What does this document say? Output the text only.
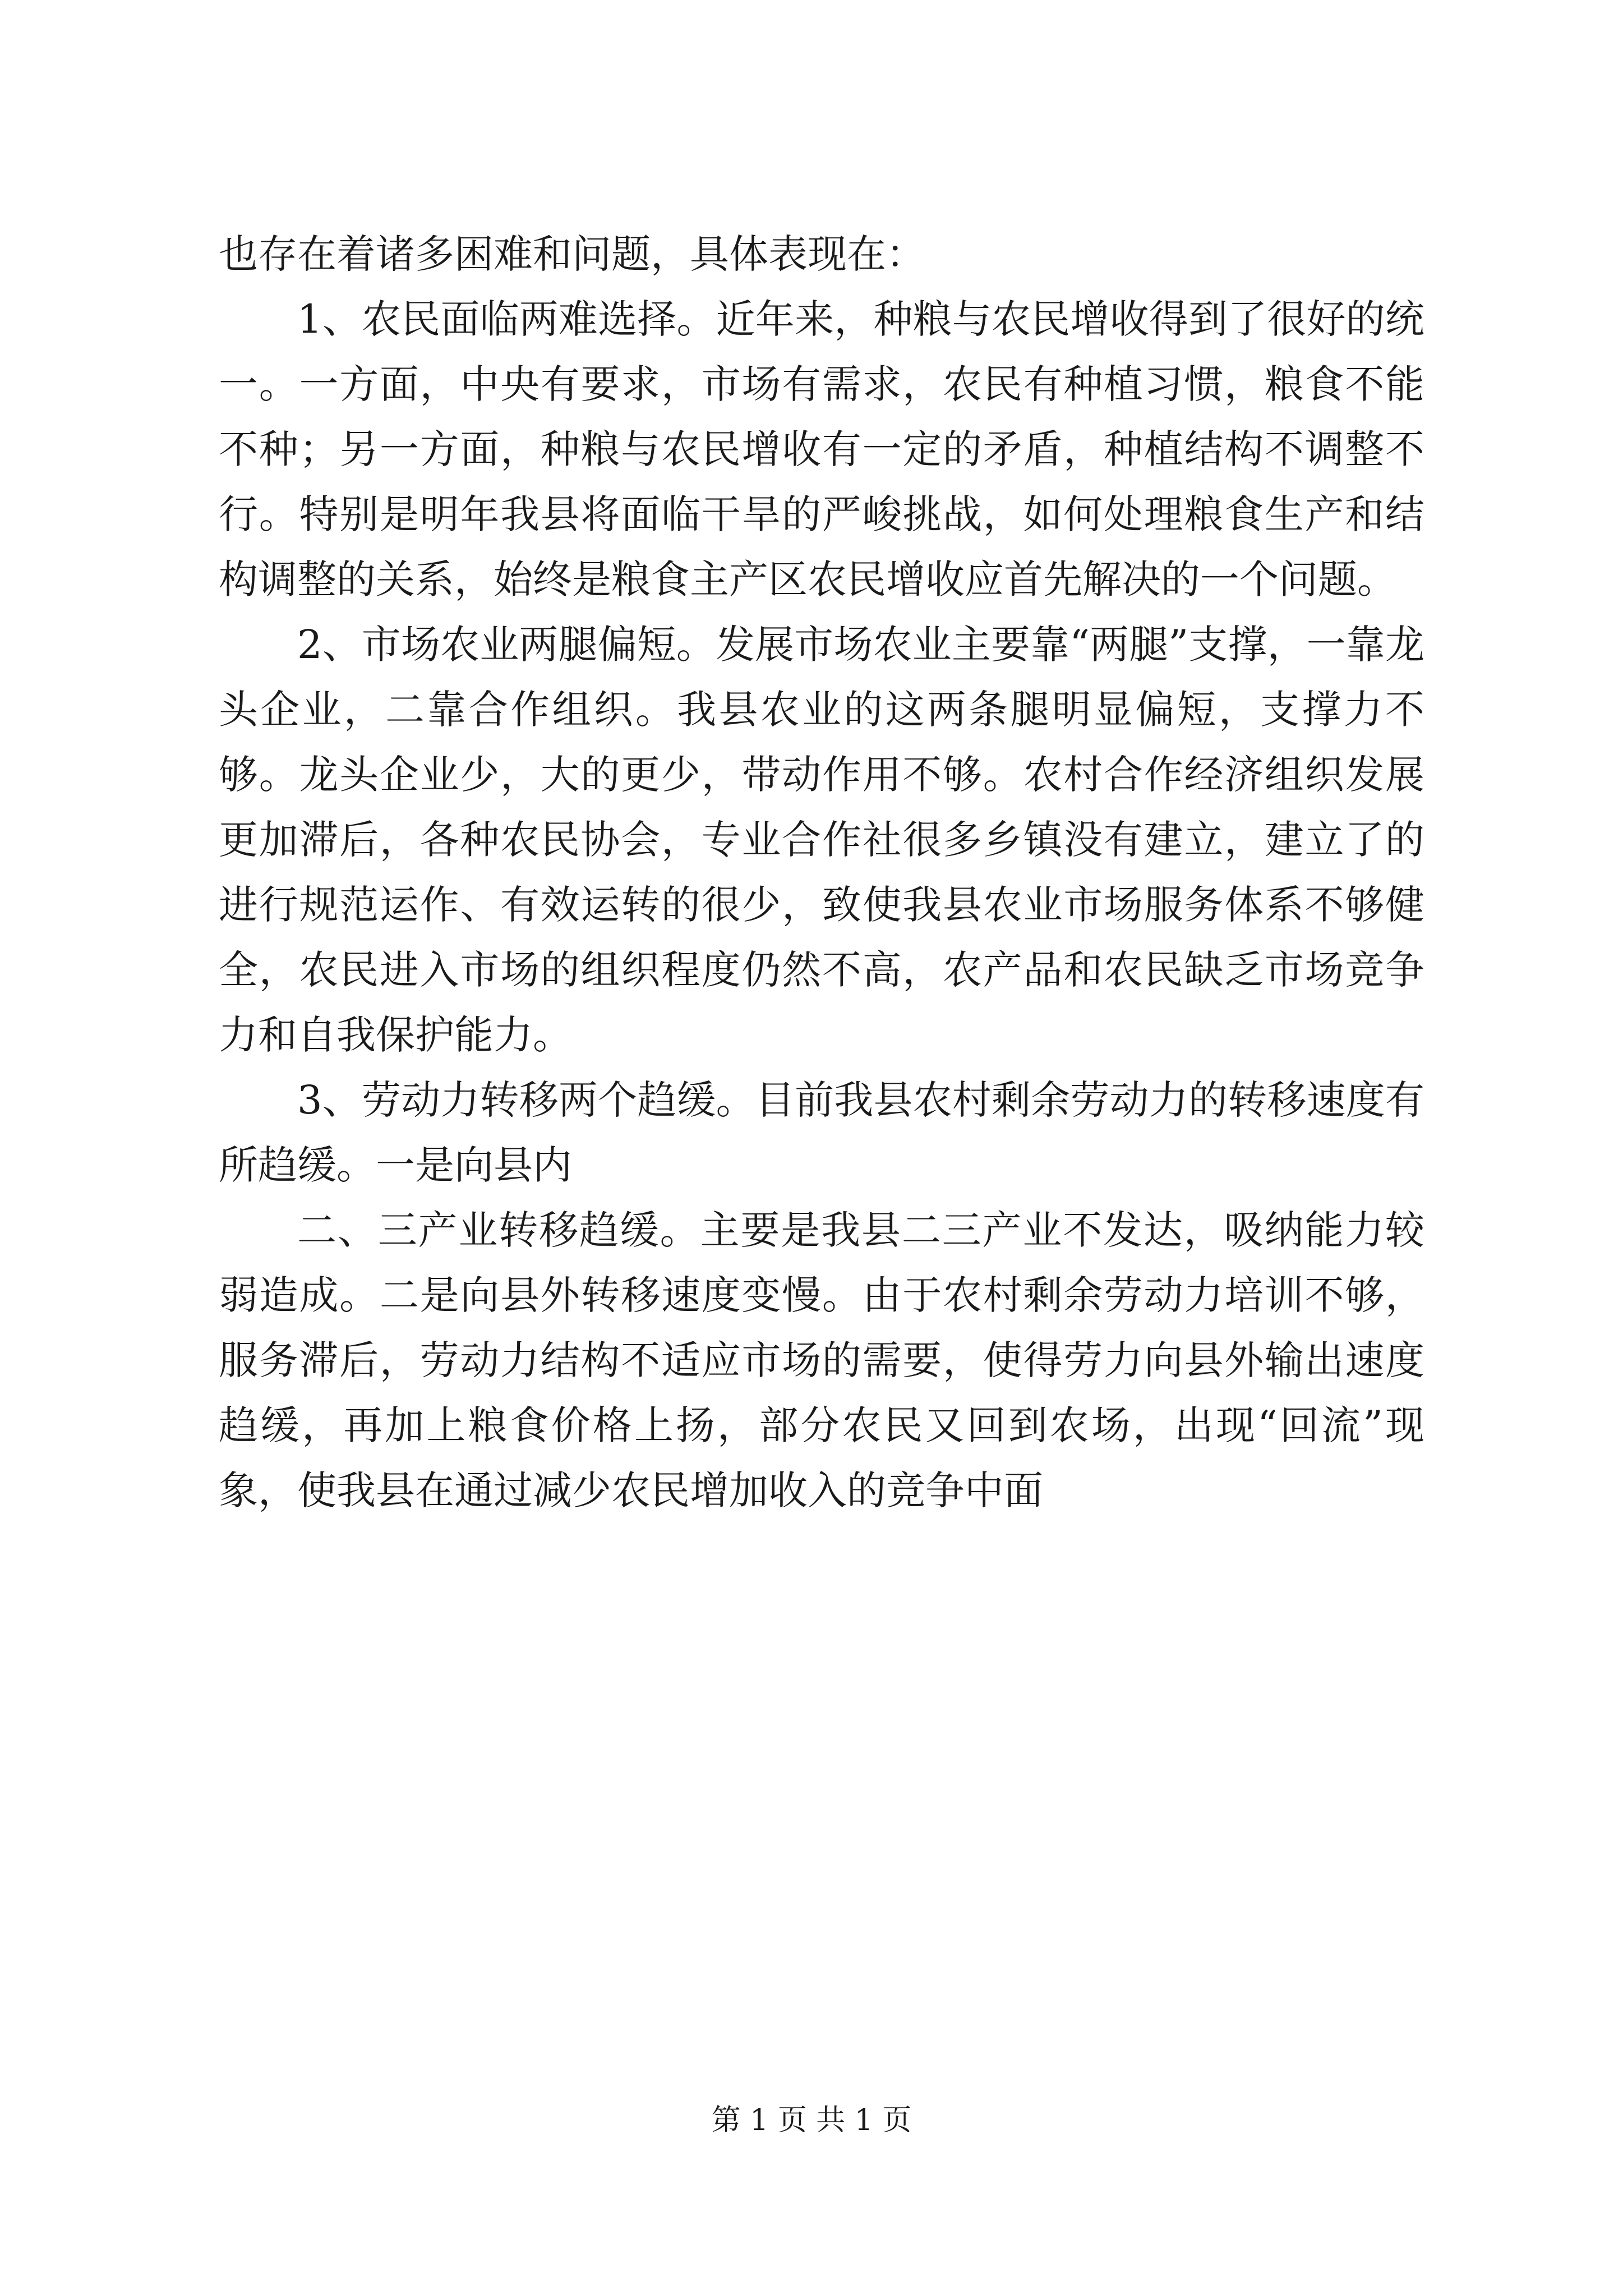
也存在着诸多困难和问题，具体表现在：

1、农民面临两难选择。近年来，种粮与农民增收得到了很好的统一。一方面，中央有要求，市场有需求，农民有种植习惯，粮食不能不种；另一方面，种粮与农民增收有一定的矛盾，种植结构不调整不行。特别是明年我县将面临干旱的严峻挑战，如何处理粮食生产和结构调整的关系，始终是粮食主产区农民增收应首先解决的一个问题。

2、市场农业两腿偏短。发展市场农业主要靠“两腿”支撑，一靠龙头企业，二靠合作组织。我县农业的这两条腿明显偏短，支撑力不够。龙头企业少，大的更少，带动作用不够。农村合作经济组织发展更加滞后，各种农民协会，专业合作社很多乡镇没有建立，建立了的进行规范运作、有效运转的很少，致使我县农业市场服务体系不够健全，农民进入市场的组织程度仍然不高，农产品和农民缺乏市场竞争力和自我保护能力。

3、劳动力转移两个趋缓。目前我县农村剩余劳动力的转移速度有所趋缓。一是向县内

二、三产业转移趋缓。主要是我县二三产业不发达，吸纳能力较弱造成。二是向县外转移速度变慢。由于农村剩余劳动力培训不够，服务滞后，劳动力结构不适应市场的需要，使得劳力向县外输出速度趋缓，再加上粮食价格上扬，部分农民又回到农场，出现“回流”现象，使我县在通过减少农民增加收入的竞争中面

第 1 页 共 1 页
